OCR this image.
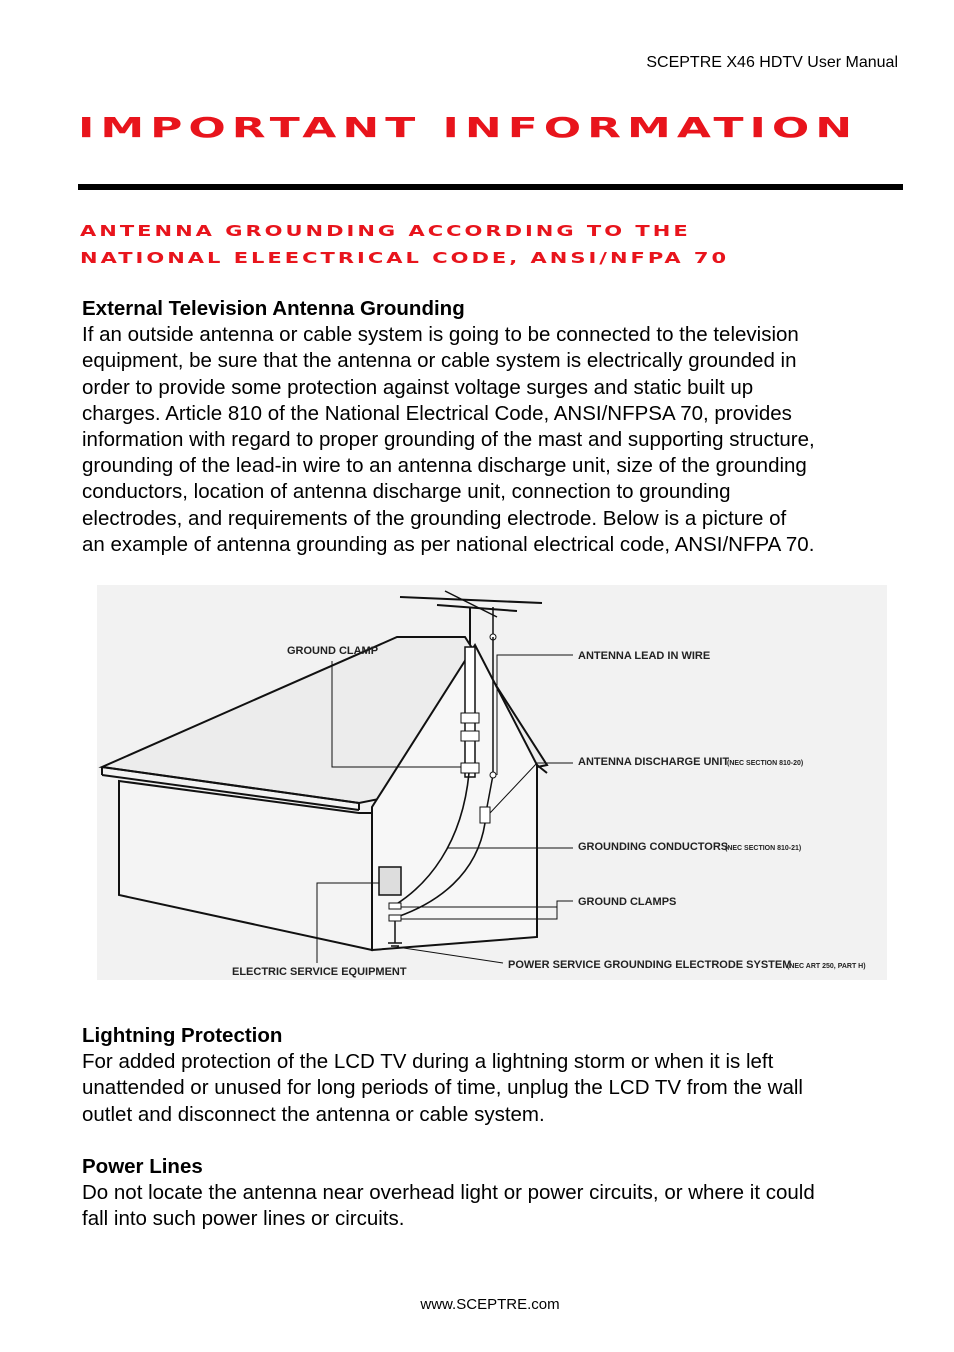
SCEPTRE X46 HDTV User Manual
IMPORTANT INFORMATION
ANTENNA GROUNDING ACCORDING TO THE
NATIONAL ELEECTRICAL CODE, ANSI/NFPA 70
External Television Antenna Grounding
If an outside antenna or cable system is going to be connected to the television
equipment, be sure that the antenna or cable system is electrically grounded in
order to provide some protection against voltage surges and static built up
charges. Article 810 of the National Electrical Code, ANSI/NFPSA 70, provides
information with regard to proper grounding of the mast and supporting structure,
grounding of the lead-in wire to an antenna discharge unit, size of the grounding
conductors, location of antenna discharge unit, connection to grounding
electrodes, and requirements of the grounding electrode. Below is a picture of
an example of antenna grounding as per national electrical code, ANSI/NFPA 70.
GROUND CLAMP	ANTENNA LEAD IN WIRE
ANTENNA DISCHARGE UNIT
(NEC SECTION 810-20)
GROUNDING CONDUCTORS
(NEC SECTION 810-21)
GROUND CLAMPS
ELECTRIC SERVICE EQUIPMENT
POWER SERVICE GROUNDING ELECTRODE SYSTEM
(NEC ART 250, PART H)
Lightning Protection
For added protection of the LCD TV during a lightning storm or when it is left
unattended or unused for long periods of time, unplug the LCD TV from the wall
outlet and disconnect the antenna or cable system.
Power Lines
Do not locate the antenna near overhead light or power circuits, or where it could
fall into such power lines or circuits.
www.SCEPTRE.com
